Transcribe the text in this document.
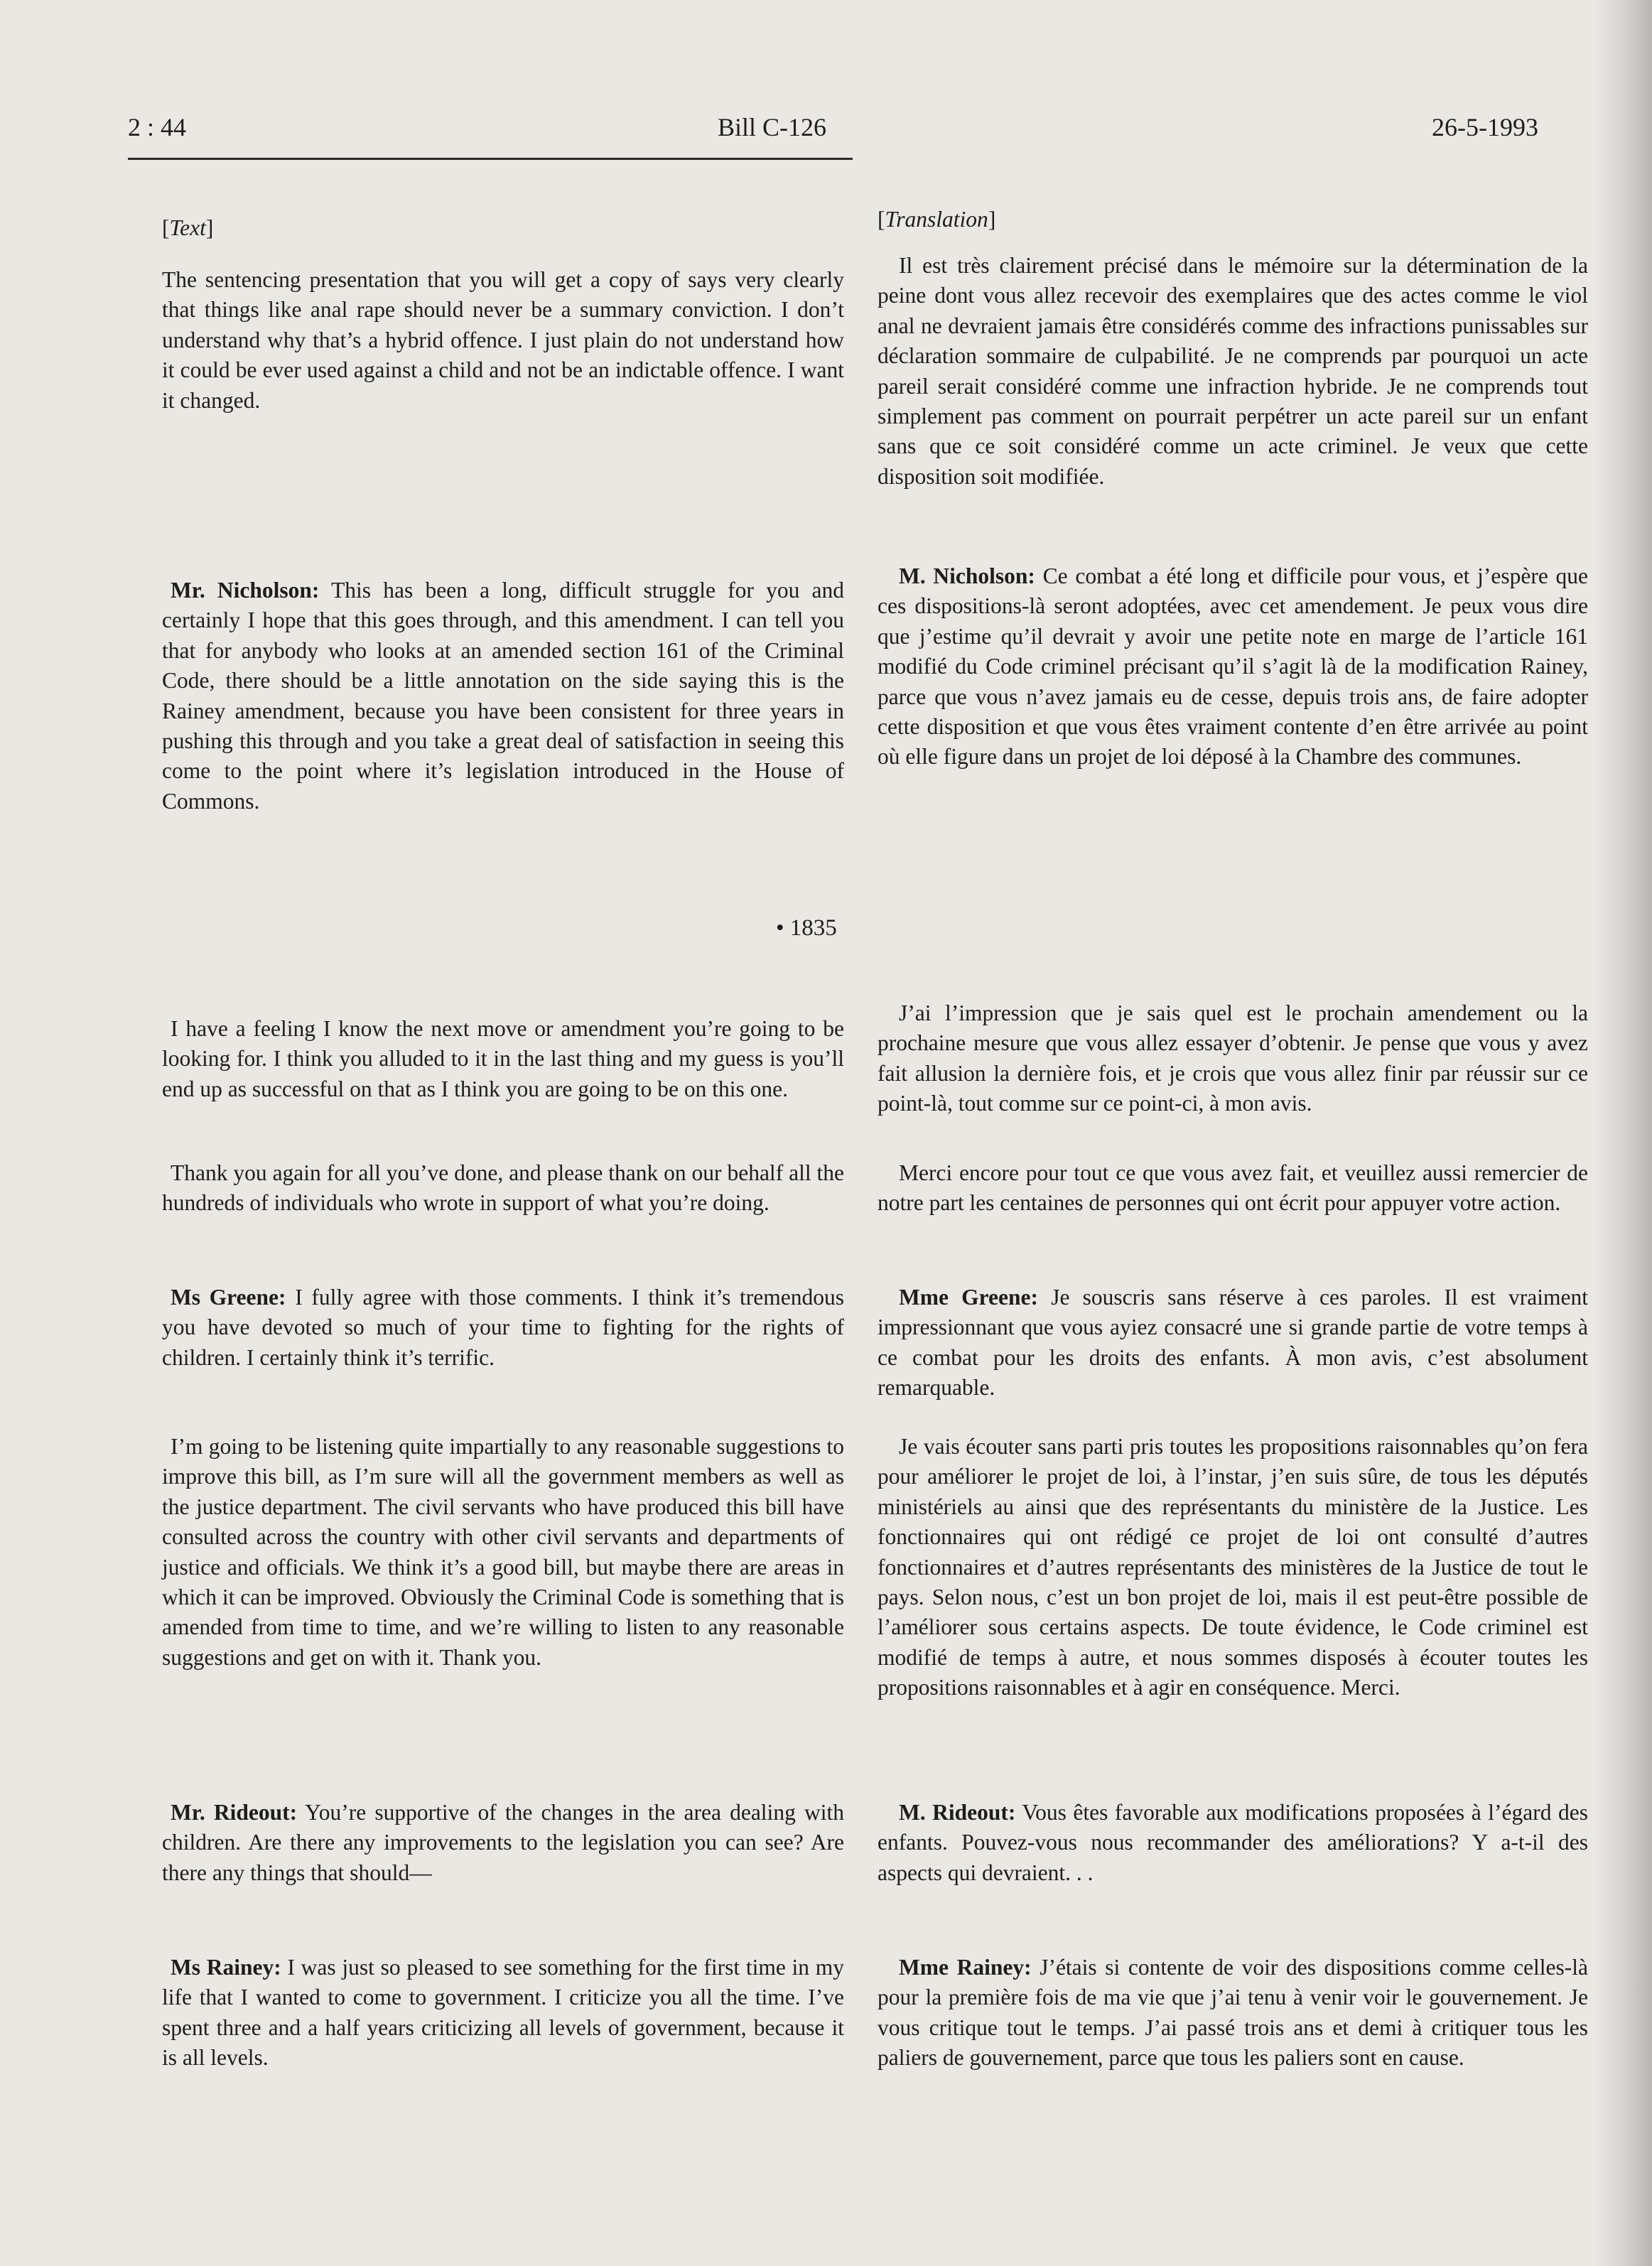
2 : 44	Bill C-126	26-5-1993
[Text]

The sentencing presentation that you will get a copy of says very clearly that things like anal rape should never be a summary conviction. I don’t understand why that’s a hybrid offence. I just plain do not understand how it could be ever used against a child and not be an indictable offence. I want it changed.

Mr. Nicholson: This has been a long, difficult struggle for you and certainly I hope that this goes through, and this amendment. I can tell you that for anybody who looks at an amended section 161 of the Criminal Code, there should be a little annotation on the side saying this is the Rainey amendment, because you have been consistent for three years in pushing this through and you take a great deal of satisfaction in seeing this come to the point where it’s legislation introduced in the House of Commons.

• 1835

I have a feeling I know the next move or amendment you’re going to be looking for. I think you alluded to it in the last thing and my guess is you’ll end up as successful on that as I think you are going to be on this one.

Thank you again for all you’ve done, and please thank on our behalf all the hundreds of individuals who wrote in support of what you’re doing.

Ms Greene: I fully agree with those comments. I think it’s tremendous you have devoted so much of your time to fighting for the rights of children. I certainly think it’s terrific.

I’m going to be listening quite impartially to any reasonable suggestions to improve this bill, as I’m sure will all the government members as well as the justice department. The civil servants who have produced this bill have consulted across the country with other civil servants and departments of justice and officials. We think it’s a good bill, but maybe there are areas in which it can be improved. Obviously the Criminal Code is something that is amended from time to time, and we’re willing to listen to any reasonable suggestions and get on with it. Thank you.

Mr. Rideout: You’re supportive of the changes in the area dealing with children. Are there any improvements to the legislation you can see? Are there any things that should—

Ms Rainey: I was just so pleased to see something for the first time in my life that I wanted to come to government. I criticize you all the time. I’ve spent three and a half years criticizing all levels of government, because it is all levels.

[Translation]

Il est très clairement précisé dans le mémoire sur la détermination de la peine dont vous allez recevoir des exemplaires que des actes comme le viol anal ne devraient jamais être considérés comme des infractions punissables sur déclaration sommaire de culpabilité. Je ne comprends par pourquoi un acte pareil serait considéré comme une infraction hybride. Je ne comprends tout simplement pas comment on pourrait perpétrer un acte pareil sur un enfant sans que ce soit considéré comme un acte criminel. Je veux que cette disposition soit modifiée.

M. Nicholson: Ce combat a été long et difficile pour vous, et j’espère que ces dispositions-là seront adoptées, avec cet amendement. Je peux vous dire que j’estime qu’il devrait y avoir une petite note en marge de l’article 161 modifié du Code criminel précisant qu’il s’agit là de la modification Rainey, parce que vous n’avez jamais eu de cesse, depuis trois ans, de faire adopter cette disposition et que vous êtes vraiment contente d’en être arrivée au point où elle figure dans un projet de loi déposé à la Chambre des communes.

J’ai l’impression que je sais quel est le prochain amendement ou la prochaine mesure que vous allez essayer d’obtenir. Je pense que vous y avez fait allusion la dernière fois, et je crois que vous allez finir par réussir sur ce point-là, tout comme sur ce point-ci, à mon avis.

Merci encore pour tout ce que vous avez fait, et veuillez aussi remercier de notre part les centaines de personnes qui ont écrit pour appuyer votre action.

Mme Greene: Je souscris sans réserve à ces paroles. Il est vraiment impressionnant que vous ayiez consacré une si grande partie de votre temps à ce combat pour les droits des enfants. À mon avis, c’est absolument remarquable.

Je vais écouter sans parti pris toutes les propositions raisonnables qu’on fera pour améliorer le projet de loi, à l’instar, j’en suis sûre, de tous les députés ministériels au ainsi que des représentants du ministère de la Justice. Les fonctionnaires qui ont rédigé ce projet de loi ont consulté d’autres fonctionnaires et d’autres représentants des ministères de la Justice de tout le pays. Selon nous, c’est un bon projet de loi, mais il est peut-être possible de l’améliorer sous certains aspects. De toute évidence, le Code criminel est modifié de temps à autre, et nous sommes disposés à écouter toutes les propositions raisonnables et à agir en conséquence. Merci.

M. Rideout: Vous êtes favorable aux modifications proposées à l’égard des enfants. Pouvez-vous nous recommander des améliorations? Y a-t-il des aspects qui devraient. . .

Mme Rainey: J’étais si contente de voir des dispositions comme celles-là pour la première fois de ma vie que j’ai tenu à venir voir le gouvernement. Je vous critique tout le temps. J’ai passé trois ans et demi à critiquer tous les paliers de gouvernement, parce que tous les paliers sont en cause.
